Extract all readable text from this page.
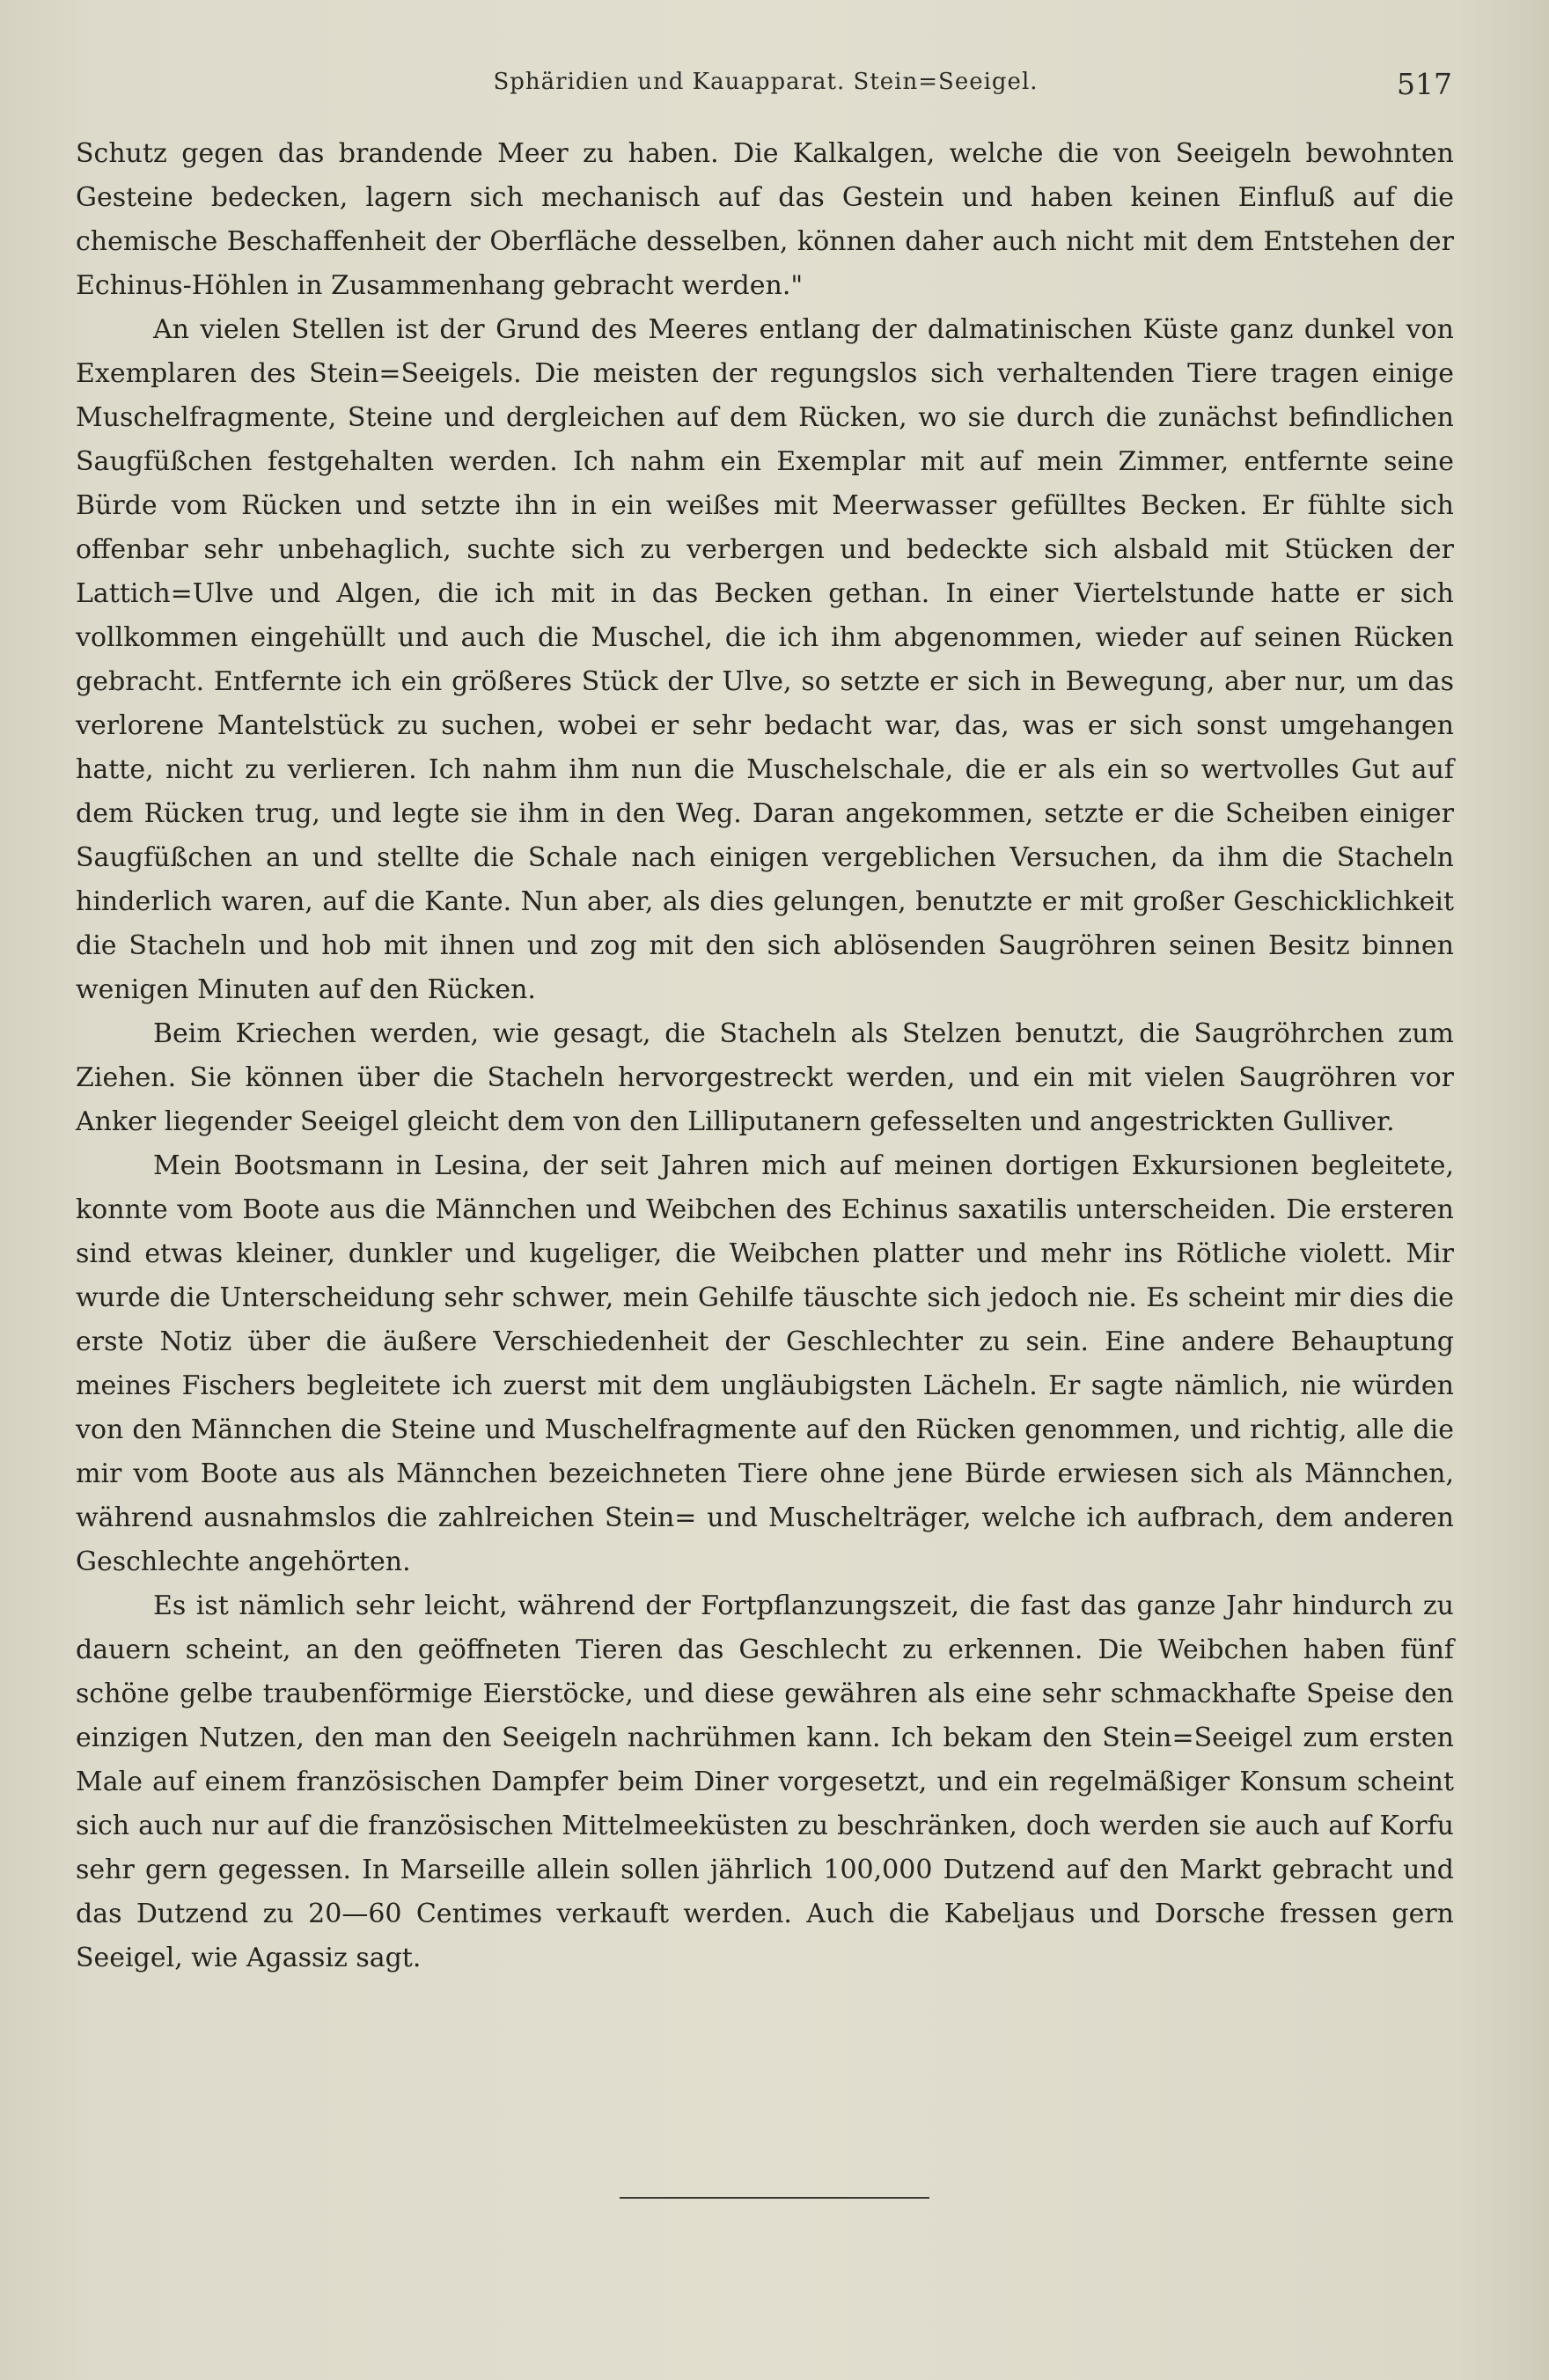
Sphäridien und Kauapparat. Stein=Seeigel.	517

Schutz gegen das brandende Meer zu haben. Die Kalkalgen, welche die von Seeigeln bewohnten Gesteine bedecken, lagern sich mechanisch auf das Gestein und haben keinen Einfluß auf die chemische Beschaffenheit der Oberfläche desselben, können daher auch nicht mit dem Entstehen der Echinus-Höhlen in Zusammenhang gebracht werden."

An vielen Stellen ist der Grund des Meeres entlang der dalmatinischen Küste ganz dunkel von Exemplaren des Stein=Seeigels. Die meisten der regungslos sich verhaltenden Tiere tragen einige Muschelfragmente, Steine und dergleichen auf dem Rücken, wo sie durch die zunächst befindlichen Saugfüßchen festgehalten werden. Ich nahm ein Exemplar mit auf mein Zimmer, entfernte seine Bürde vom Rücken und setzte ihn in ein weißes mit Meerwasser gefülltes Becken. Er fühlte sich offenbar sehr unbehaglich, suchte sich zu verbergen und bedeckte sich alsbald mit Stücken der Lattich=Ulve und Algen, die ich mit in das Becken gethan. In einer Viertelstunde hatte er sich vollkommen eingehüllt und auch die Muschel, die ich ihm abgenommen, wieder auf seinen Rücken gebracht. Entfernte ich ein größeres Stück der Ulve, so setzte er sich in Bewegung, aber nur, um das verlorene Mantelstück zu suchen, wobei er sehr bedacht war, das, was er sich sonst umgehangen hatte, nicht zu verlieren. Ich nahm ihm nun die Muschelschale, die er als ein so wertvolles Gut auf dem Rücken trug, und legte sie ihm in den Weg. Daran angekommen, setzte er die Scheiben einiger Saugfüßchen an und stellte die Schale nach einigen vergeblichen Versuchen, da ihm die Stacheln hinderlich waren, auf die Kante. Nun aber, als dies gelungen, benutzte er mit großer Geschicklichkeit die Stacheln und hob mit ihnen und zog mit den sich ablösenden Saugröhren seinen Besitz binnen wenigen Minuten auf den Rücken.

Beim Kriechen werden, wie gesagt, die Stacheln als Stelzen benutzt, die Saugröhrchen zum Ziehen. Sie können über die Stacheln hervorgestreckt werden, und ein mit vielen Saugröhren vor Anker liegender Seeigel gleicht dem von den Lilliputanern gefesselten und angestrickten Gulliver.

Mein Bootsmann in Lesina, der seit Jahren mich auf meinen dortigen Exkursionen begleitete, konnte vom Boote aus die Männchen und Weibchen des Echinus saxatilis unterscheiden. Die ersteren sind etwas kleiner, dunkler und kugeliger, die Weibchen platter und mehr ins Rötliche violett. Mir wurde die Unterscheidung sehr schwer, mein Gehilfe täuschte sich jedoch nie. Es scheint mir dies die erste Notiz über die äußere Verschiedenheit der Geschlechter zu sein. Eine andere Behauptung meines Fischers begleitete ich zuerst mit dem ungläubigsten Lächeln. Er sagte nämlich, nie würden von den Männchen die Steine und Muschelfragmente auf den Rücken genommen, und richtig, alle die mir vom Boote aus als Männchen bezeichneten Tiere ohne jene Bürde erwiesen sich als Männchen, während ausnahmslos die zahlreichen Stein= und Muschelträger, welche ich aufbrach, dem anderen Geschlechte angehörten.

Es ist nämlich sehr leicht, während der Fortpflanzungszeit, die fast das ganze Jahr hindurch zu dauern scheint, an den geöffneten Tieren das Geschlecht zu erkennen. Die Weibchen haben fünf schöne gelbe traubenförmige Eierstöcke, und diese gewähren als eine sehr schmackhafte Speise den einzigen Nutzen, den man den Seeigeln nachrühmen kann. Ich bekam den Stein=Seeigel zum ersten Male auf einem französischen Dampfer beim Diner vorgesetzt, und ein regelmäßiger Konsum scheint sich auch nur auf die französischen Mittelmeeküsten zu beschränken, doch werden sie auch auf Korfu sehr gern gegessen. In Marseille allein sollen jährlich 100,000 Dutzend auf den Markt gebracht und das Dutzend zu 20—60 Centimes verkauft werden. Auch die Kabeljaus und Dorsche fressen gern Seeigel, wie Agassiz sagt.
